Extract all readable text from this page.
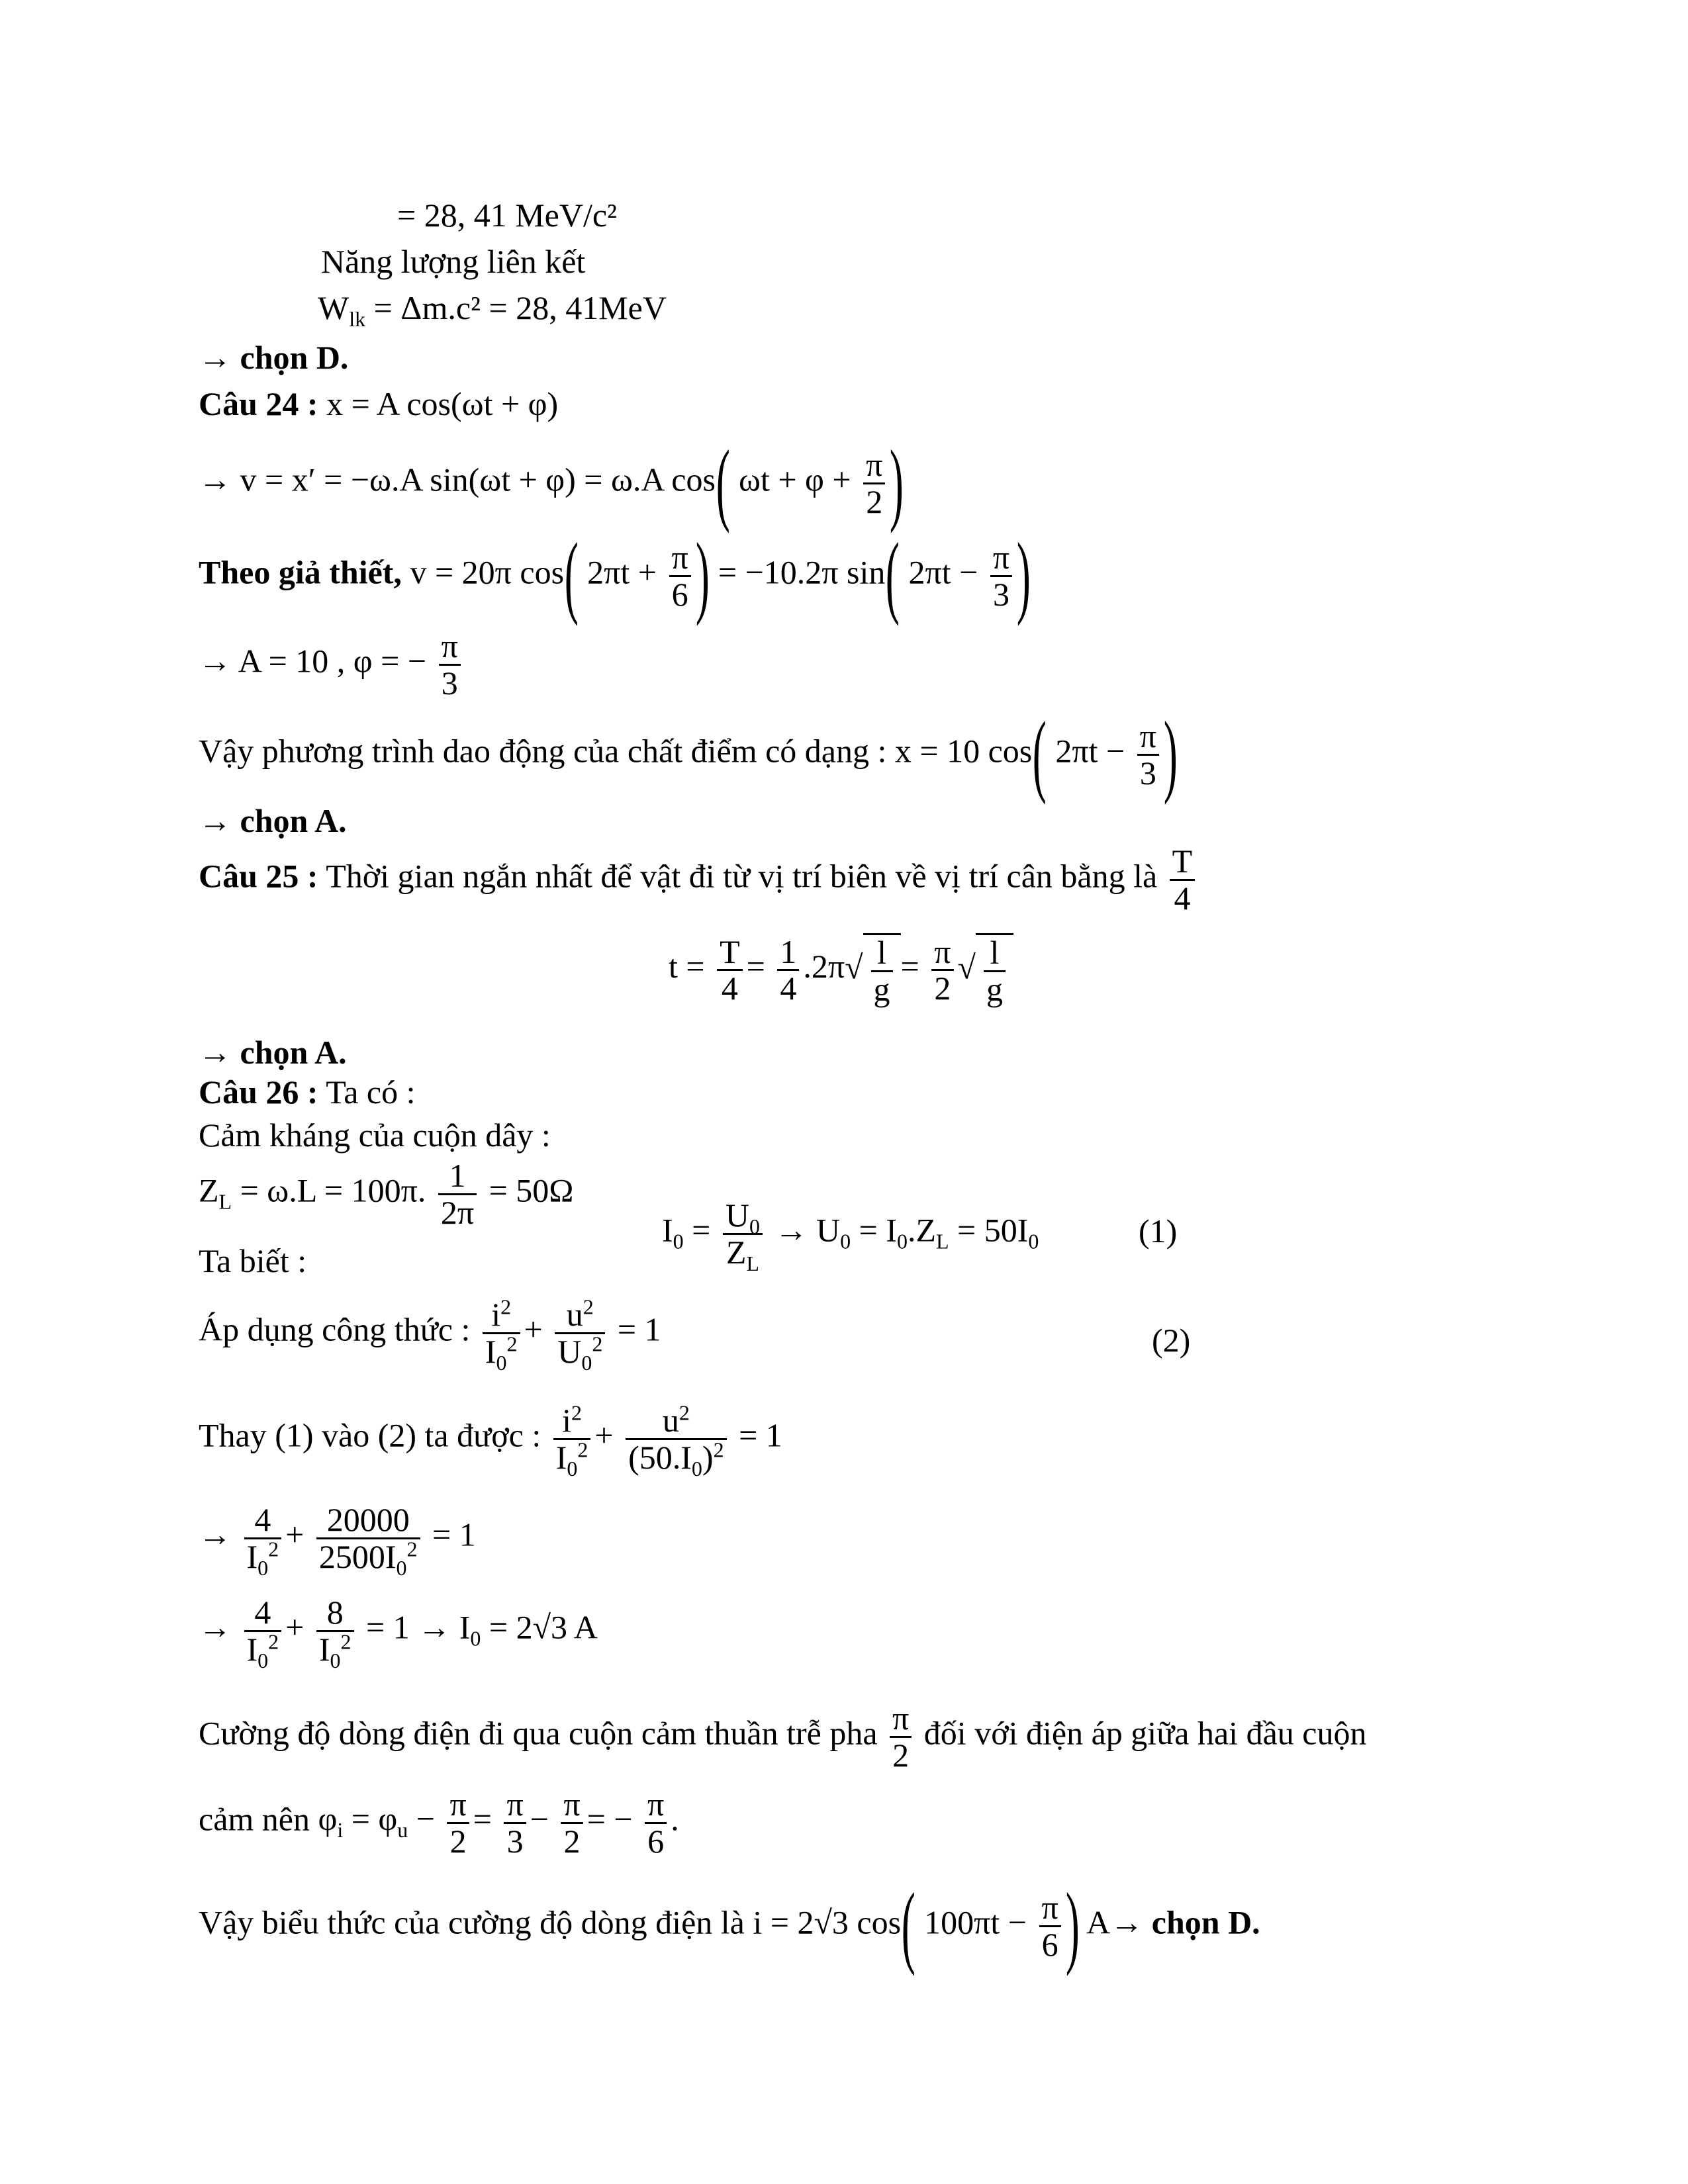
= 28, 41 MeV/c²
Năng lượng liên kết
$W_{lk} = \Delta m.c^2 = 28$, 41MeV
→ chọn D.
Câu 24 : x = A cos(ωt + φ)
→ v = x′ = −ω.A sin(ωt + φ) = ω.A cos( $\omega t + \varphi + \frac{\pi}{2}$ )
Theo giả thiết, v = 20π cos( $2\pi t + \frac{\pi}{6}$ ) = −10.2π sin( $2\pi t - \frac{\pi}{3}$ )
→ A = 10 , φ = − $\frac{\pi}{3}$
Vậy phương trình dao động của chất điểm có dạng : x = 10 cos( $2\pi t - \frac{\pi}{3}$ )
→ chọn A.
Câu 25 : Thời gian ngắn nhất để vật đi từ vị trí biên về vị trí cân bằng là $\frac{T}{4}$
$t = \frac{T}{4} = \frac{1}{4} .2\pi√ \frac{l}{g} = \frac{\pi}{2}$ √ $\frac{l}{g}$
→ chọn A.
Câu 26 : Ta có :
Cảm kháng của cuộn dây :
$Z_L = \omega.L = 100\pi$. $\frac{1}{2\pi} = 50\Omega$
Ta biết :
$I_0 = \frac{U_0}{Z_L} \to U_0 = I_0.Z_L = 50I_0$	(1)
Áp dụng công thức : $\frac{i^2}{I_0^2} + \frac{u^2}{U_0^2} = 1$	(2)
Thay (1) vào (2) ta được : $\frac{i^2}{I_0^2} + \frac{u^2}{(50.I_0)^2} = 1$
→ $\frac{4}{I_0^2} + \frac{20000}{2500I_0^2} = 1$
→ $\frac{4}{I_0^2} + \frac{8}{I_0^2} = 1 \to I_0 = 2√3$ A
Cường độ dòng điện đi qua cuộn cảm thuần trễ pha $\frac{\pi}{2}$ đối với điện áp giữa hai đầu cuộn
cảm nên $\varphi_i = \varphi_u - \frac{\pi}{2} = \frac{\pi}{3} - \frac{\pi}{2}$ = − $\frac{\pi}{6}$ .
Vậy biểu thức của cường độ dòng điện là i = 2√3 cos( $100\pi t - \frac{\pi}{6}$ ) A→ chọn D.
